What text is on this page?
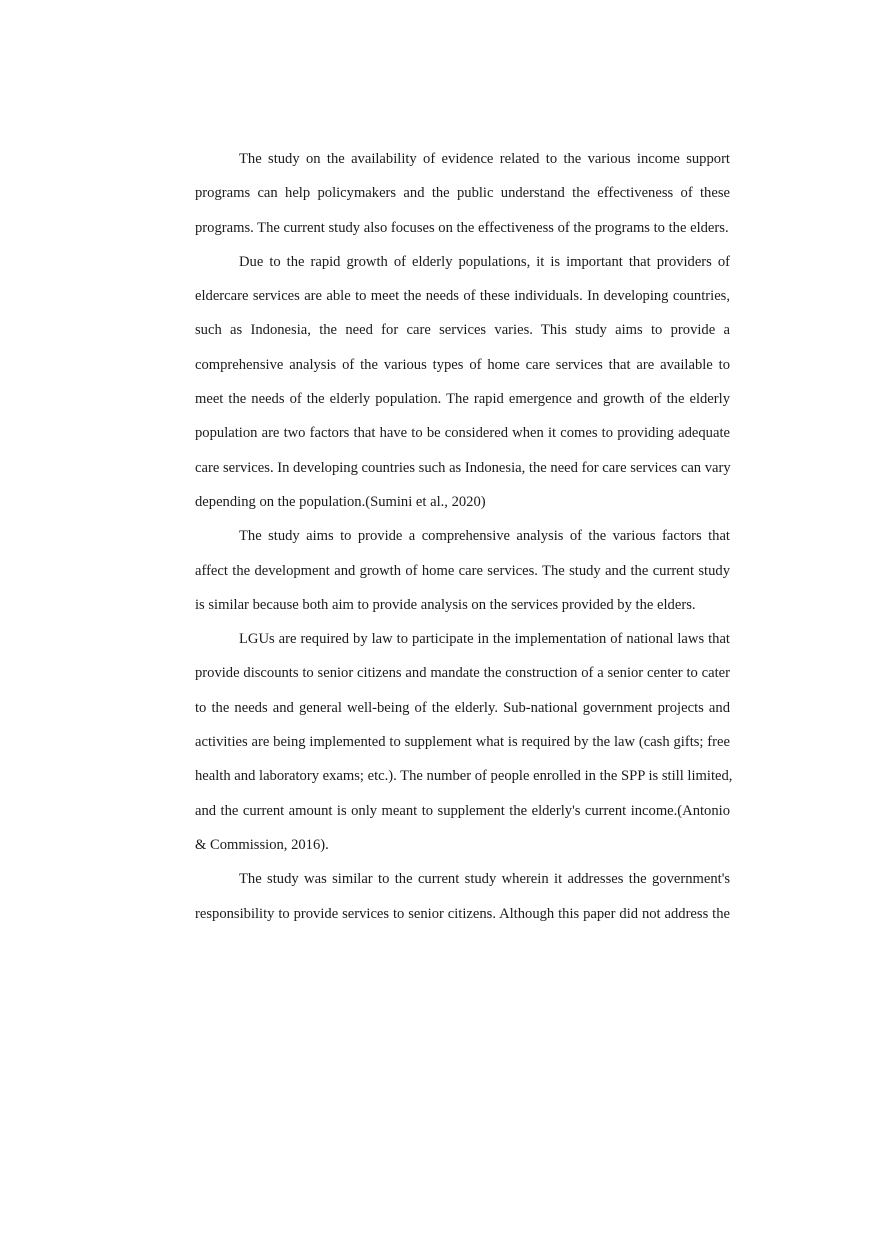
The study on the availability of evidence related to the various income support
programs can help policymakers and the public understand the effectiveness of these
programs. The current study also focuses on the effectiveness of the programs to the elders.
Due to the rapid growth of elderly populations, it is important that providers of
eldercare services are able to meet the needs of these individuals. In developing countries,
such as Indonesia, the need for care services varies. This study aims to provide a
comprehensive analysis of the various types of home care services that are available to
meet the needs of the elderly population. The rapid emergence and growth of the elderly
population are two factors that have to be considered when it comes to providing adequate
care services. In developing countries such as Indonesia, the need for care services can vary
depending on the population.(Sumini et al., 2020)
The study aims to provide a comprehensive analysis of the various factors that
affect the development and growth of home care services. The study and the current study
is similar because both aim to provide analysis on the services provided by the elders.
LGUs are required by law to participate in the implementation of national laws that
provide discounts to senior citizens and mandate the construction of a senior center to cater
to the needs and general well-being of the elderly. Sub-national government projects and
activities are being implemented to supplement what is required by the law (cash gifts; free
health and laboratory exams; etc.). The number of people enrolled in the SPP is still limited,
and the current amount is only meant to supplement the elderly's current income.(Antonio
& Commission, 2016).
The study was similar to the current study wherein it addresses the government's
responsibility to provide services to senior citizens. Although this paper did not address the
